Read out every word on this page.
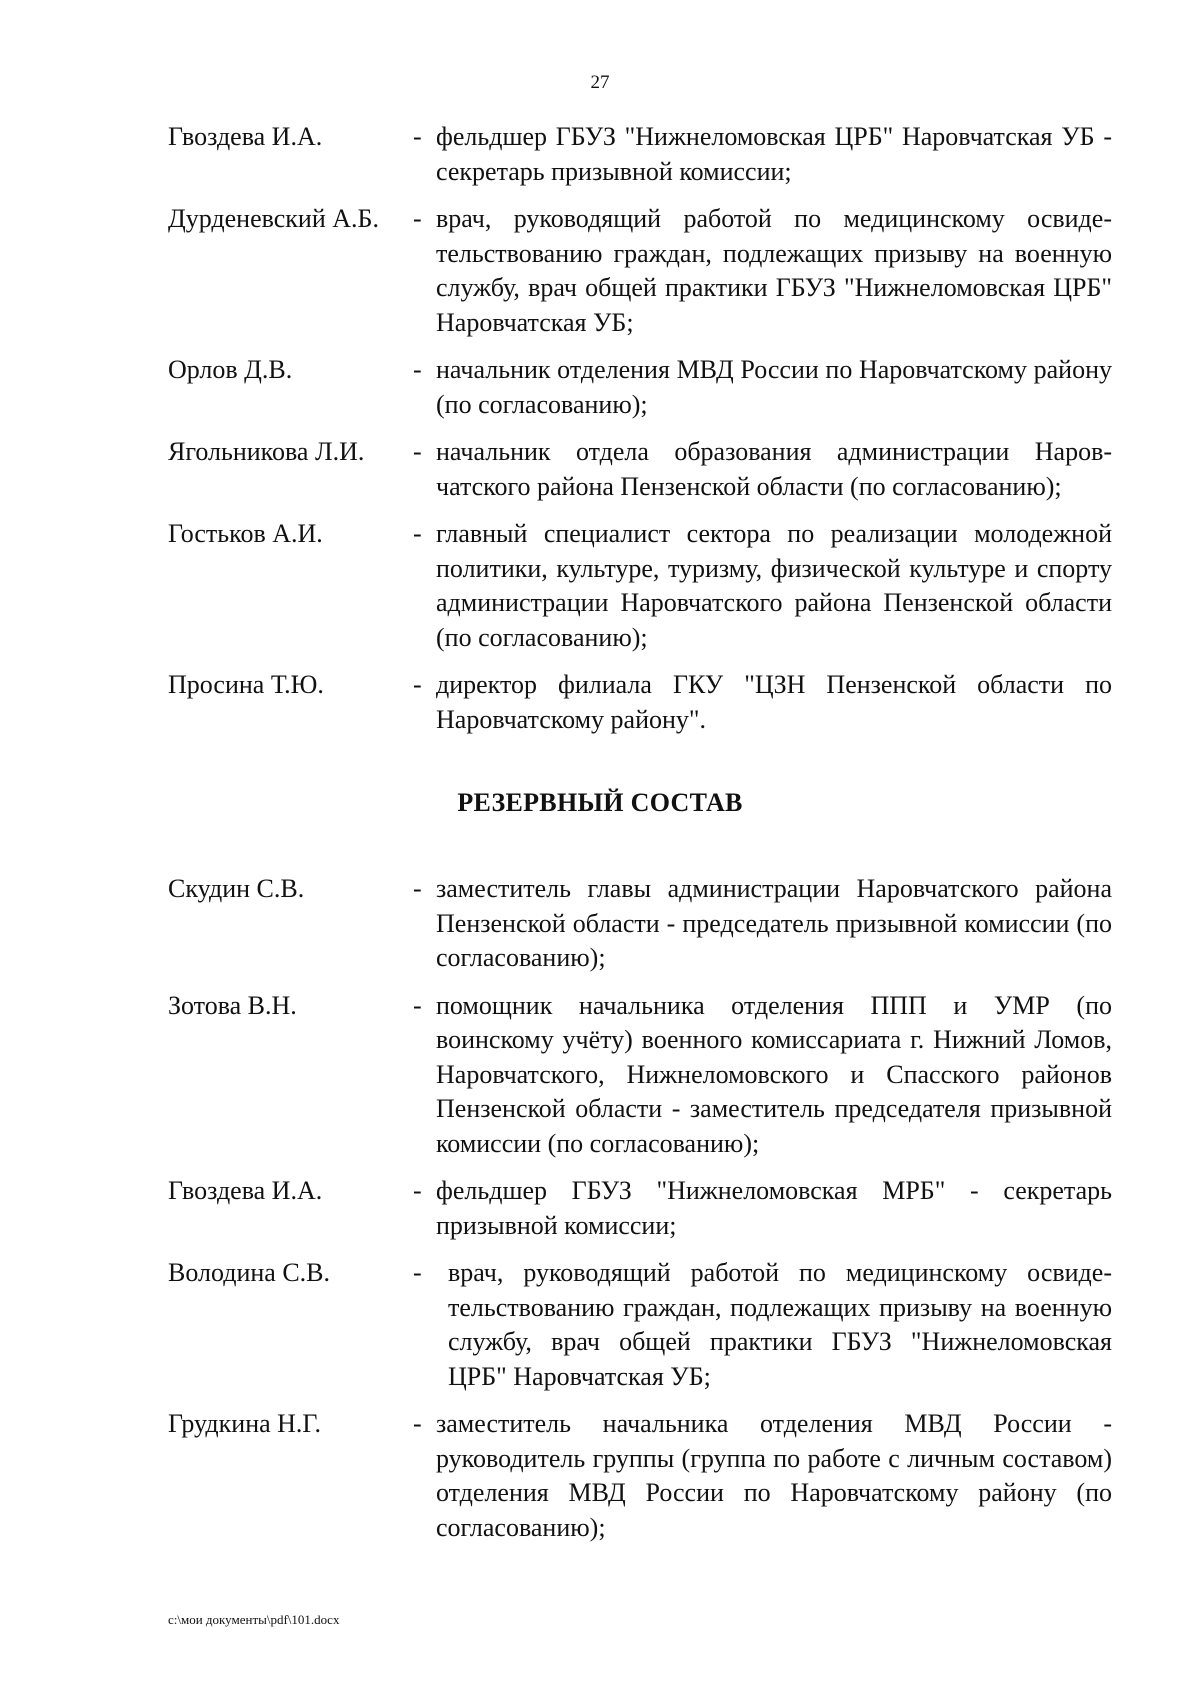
27
Гвоздева И.А.	- фельдшер ГБУЗ "Нижнеломовская ЦРБ" Наровчатская УБ - секретарь призывной комиссии;
Дурденевский А.Б. - врач, руководящий работой по медицинскому освиде-тельствованию граждан, подлежащих призыву на военную службу, врач общей практики ГБУЗ "Нижнеломовская ЦРБ" Наровчатская УБ;
Орлов Д.В.	- начальник отделения МВД России по Наровчатскому району (по согласованию);
Ягольникова Л.И. - начальник отдела образования администрации Наров-чатского района Пензенской области (по согласованию);
Гостьков А.И.	- главный специалист сектора по реализации молодежной политики, культуре, туризму, физической культуре и спорту администрации Наровчатского района Пензенской области (по согласованию);
Просина Т.Ю.	- директор филиала ГКУ "ЦЗН Пензенской области по Наровчатскому району".
РЕЗЕРВНЫЙ СОСТАВ
Скудин С.В.	- заместитель главы администрации Наровчатского района Пензенской области - председатель призывной комиссии (по согласованию);
Зотова В.Н.	- помощник начальника отделения ППП и УМР (по воинскому учёту) военного комиссариата г. Нижний Ломов, Наровчатского, Нижнеломовского и Спасского районов Пензенской области - заместитель председателя призывной комиссии (по согласованию);
Гвоздева И.А.	- фельдшер ГБУЗ "Нижнеломовская МРБ" - секретарь призывной комиссии;
Володина С.В.	- врач, руководящий работой по медицинскому освиде-тельствованию граждан, подлежащих призыву на военную службу, врач общей практики ГБУЗ "Нижнеломовская ЦРБ" Наровчатская УБ;
Грудкина Н.Г.	- заместитель начальника отделения МВД России - руководитель группы (группа по работе с личным составом) отделения МВД России по Наровчатскому району (по согласованию);
c:\мои документы\pdf\101.docx
